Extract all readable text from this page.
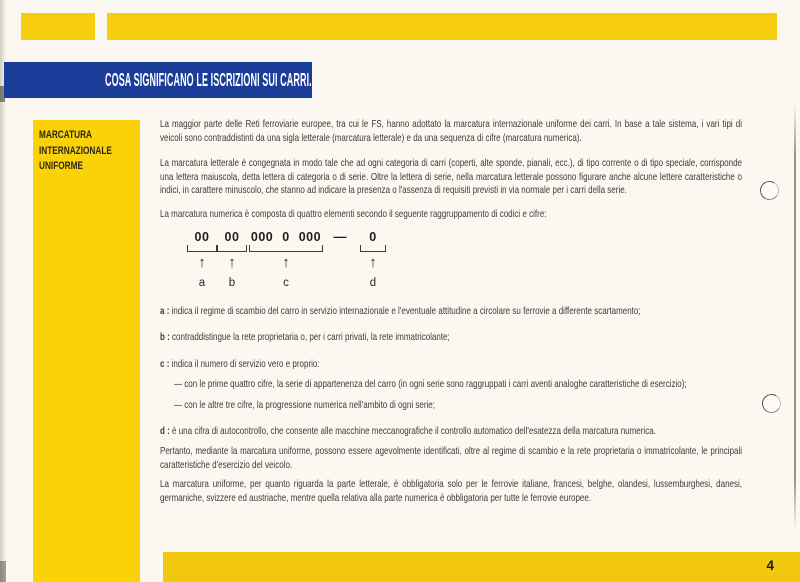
COSA SIGNIFICANO LE ISCRIZIONI SUI CARRI.
MARCATURA
INTERNAZIONALE
UNIFORME

La maggior parte delle Reti ferroviarie europee, tra cui le FS, hanno adottato la marcatura internazionale uniforme dei carri. In base a tale sistema, i vari tipi di veicoli sono contraddistinti da una sigla letterale (marcatura letterale) e da una sequenza di cifre (marcatura numerica).

La marcatura letterale è congegnata in modo tale che ad ogni categoria di carri (coperti, alte sponde, pianali, ecc.), di tipo corrente o di tipo speciale, corrisponde una lettera maiuscola, detta lettera di categoria o di serie. Oltre la lettera di serie, nella marcatura letterale possono figurare anche alcune lettere caratteristiche o indici, in carattere minuscolo, che stanno ad indicare la presenza o l'assenza di requisiti previsti in via normale per i carri della serie.

La marcatura numerica è composta di quattro elementi secondo il seguente raggruppamento di codici e cifre:

00
↑
a
00
↑
b
000 0 000
↑
c
—	0
↑
d

a : indica il regime di scambio del carro in servizio internazionale e l'eventuale attitudine a circolare su ferrovie a differente scartamento;

b : contraddistingue la rete proprietaria o, per i carri privati, la rete immatricolante;

c : indica il numero di servizio vero e proprio:

— con le prime quattro cifre, la serie di appartenenza del carro (in ogni serie sono raggruppati i carri aventi analoghe caratteristiche di esercizio);

— con le altre tre cifre, la progressione numerica nell'ambito di ogni serie;

d : è una cifra di autocontrollo, che consente alle macchine meccanografiche il controllo automatico dell'esatezza della marcatura numerica.

Pertanto, mediante la marcatura uniforme, possono essere agevolmente identificati, oltre al regime di scambio e la rete proprietaria o immatricolante, le principali caratteristiche d'esercizio del veicolo.

La marcatura uniforme, per quanto riguarda la parte letterale, è obbligatoria solo per le ferrovie italiane, francesi, belghe, olandesi, lussemburghesi, danesi, germaniche, svizzere ed austriache, mentre quella relativa alla parte numerica è obbligatoria per tutte le ferrovie europee.

4
